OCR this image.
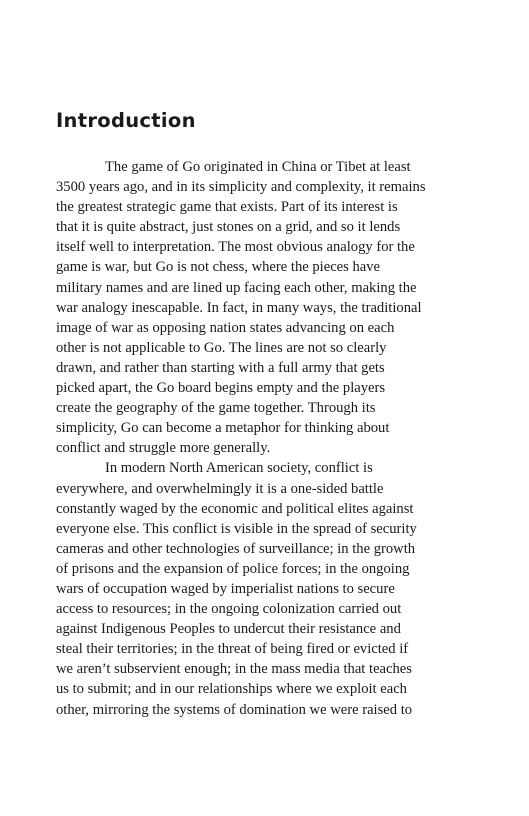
Introduction
The game of Go originated in China or Tibet at least
3500 years ago, and in its simplicity and complexity, it remains
the greatest strategic game that exists. Part of its interest is
that it is quite abstract, just stones on a grid, and so it lends
itself well to interpretation. The most obvious analogy for the
game is war, but Go is not chess, where the pieces have
military names and are lined up facing each other, making the
war analogy inescapable. In fact, in many ways, the traditional
image of war as opposing nation states advancing on each
other is not applicable to Go. The lines are not so clearly
drawn, and rather than starting with a full army that gets
picked apart, the Go board begins empty and the players
create the geography of the game together. Through its
simplicity, Go can become a metaphor for thinking about
conflict and struggle more generally.
In modern North American society, conflict is
everywhere, and overwhelmingly it is a one-sided battle
constantly waged by the economic and political elites against
everyone else. This conflict is visible in the spread of security
cameras and other technologies of surveillance; in the growth
of prisons and the expansion of police forces; in the ongoing
wars of occupation waged by imperialist nations to secure
access to resources; in the ongoing colonization carried out
against Indigenous Peoples to undercut their resistance and
steal their territories; in the threat of being fired or evicted if
we aren’t subservient enough; in the mass media that teaches
us to submit; and in our relationships where we exploit each
other, mirroring the systems of domination we were raised to
